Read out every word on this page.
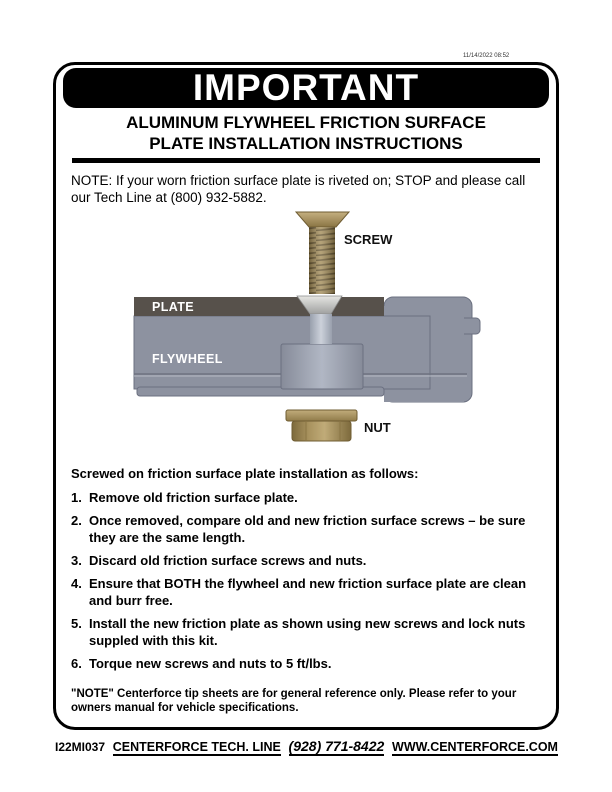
11/14/2022 08:52
IMPORTANT
ALUMINUM FLYWHEEL FRICTION SURFACE
PLATE INSTALLATION INSTRUCTIONS

NOTE: If your worn friction surface plate is riveted on; STOP and please call our Tech Line at (800) 932-5882.

SCREW
PLATE
FLYWHEEL
NUT
Screwed on friction surface plate installation as follows:
1. Remove old friction surface plate.
2. Once removed, compare old and new friction surface screws – be sure they are the same length.
3. Discard old friction surface screws and nuts.
4. Ensure that BOTH the flywheel and new friction surface plate are clean and burr free.
5. Install the new friction plate as shown using new screws and lock nuts suppled with this kit.
6. Torque new screws and nuts to 5 ft/lbs.

"NOTE" Centerforce tip sheets are for general reference only. Please refer to your owners manual for vehicle specifications.

I22MI037 CENTERFORCE TECH. LINE (928) 771-8422 WWW.CENTERFORCE.COM
